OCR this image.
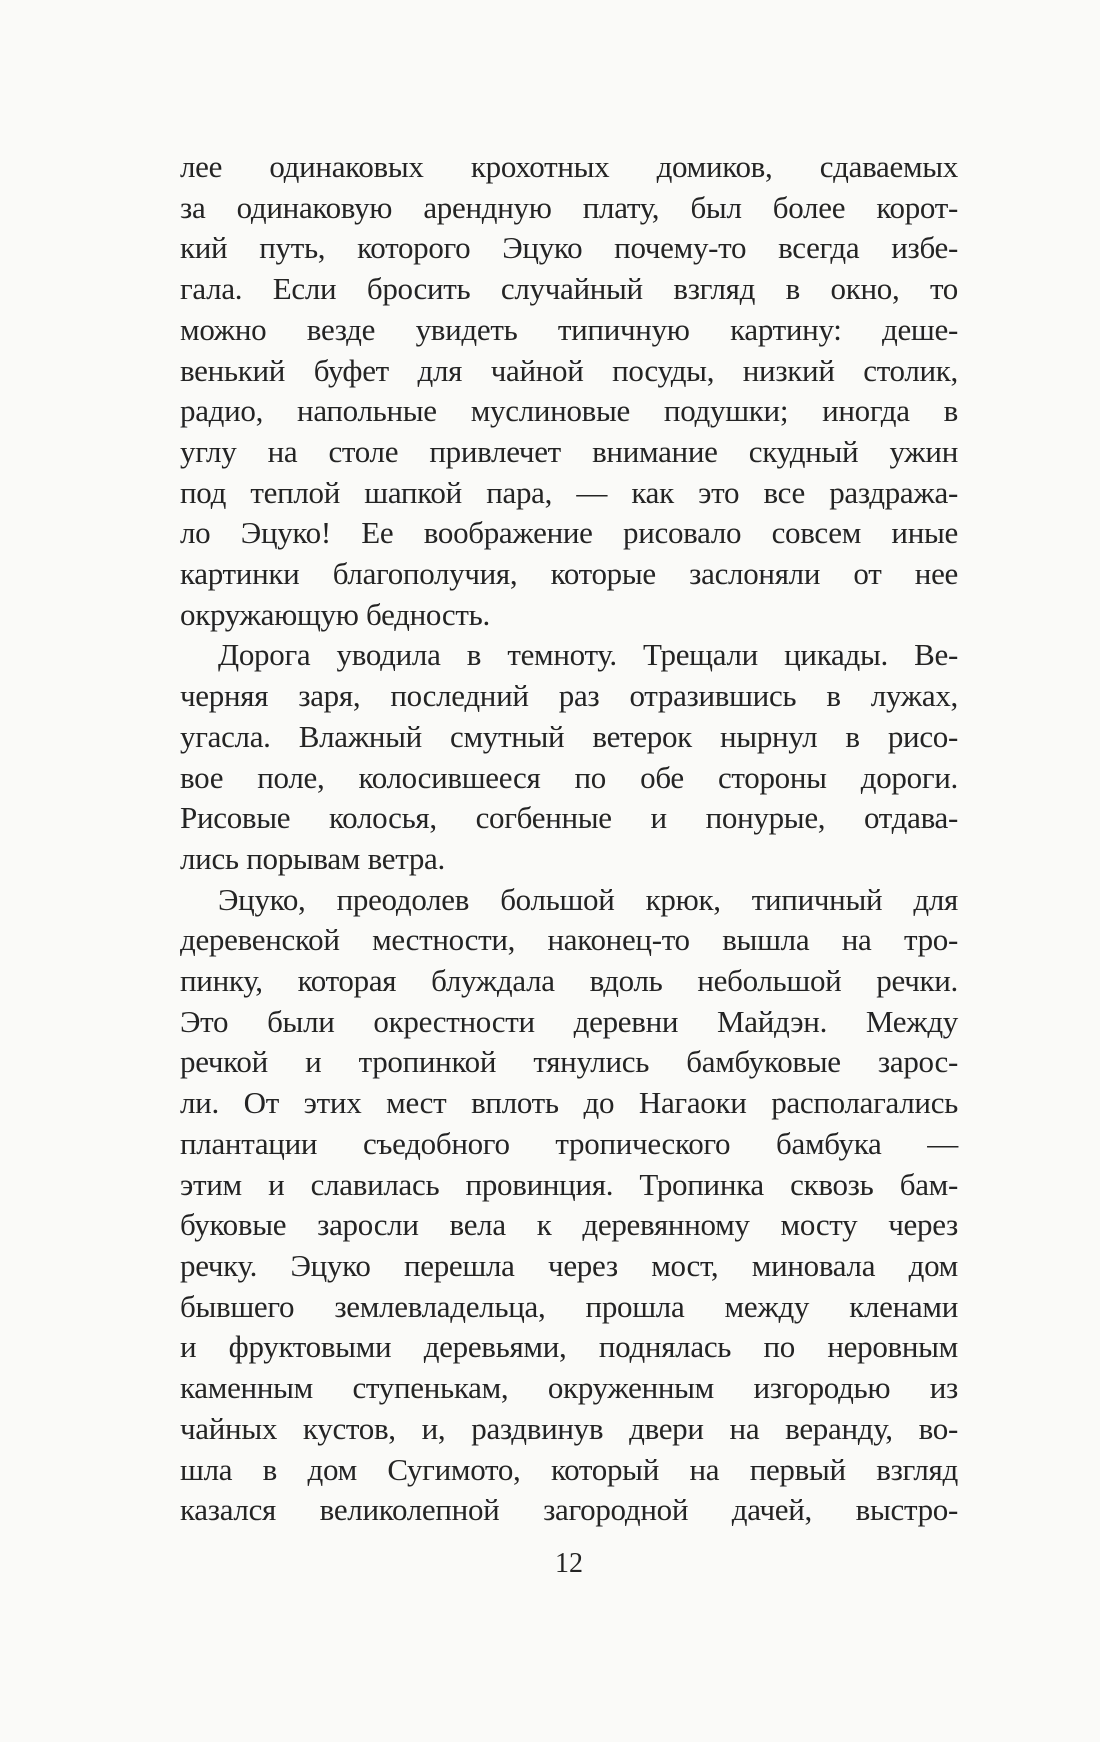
лее одинаковых крохотных домиков, сдаваемых
за одинаковую арендную плату, был более корот-
кий путь, которого Эцуко почему-то всегда избе-
гала. Если бросить случайный взгляд в окно, то
можно везде увидеть типичную картину: деше-
венький буфет для чайной посуды, низкий столик,
радио, напольные муслиновые подушки; иногда в
углу на столе привлечет внимание скудный ужин
под теплой шапкой пара, — как это все раздража-
ло Эцуко! Ее воображение рисовало совсем иные
картинки благополучия, которые заслоняли от нее
окружающую бедность.
Дорога уводила в темноту. Трещали цикады. Ве-
черняя заря, последний раз отразившись в лужах,
угасла. Влажный смутный ветерок нырнул в рисо-
вое поле, колосившееся по обе стороны дороги.
Рисовые колосья, согбенные и понурые, отдава-
лись порывам ветра.
Эцуко, преодолев большой крюк, типичный для
деревенской местности, наконец-то вышла на тро-
пинку, которая блуждала вдоль небольшой речки.
Это были окрестности деревни Майдэн. Между
речкой и тропинкой тянулись бамбуковые зарос-
ли. От этих мест вплоть до Нагаоки располагались
плантации съедобного тропического бамбука —
этим и славилась провинция. Тропинка сквозь бам-
буковые заросли вела к деревянному мосту через
речку. Эцуко перешла через мост, миновала дом
бывшего землевладельца, прошла между кленами
и фруктовыми деревьями, поднялась по неровным
каменным ступенькам, окруженным изгородью из
чайных кустов, и, раздвинув двери на веранду, во-
шла в дом Сугимото, который на первый взгляд
казался великолепной загородной дачей, выстро-
12
